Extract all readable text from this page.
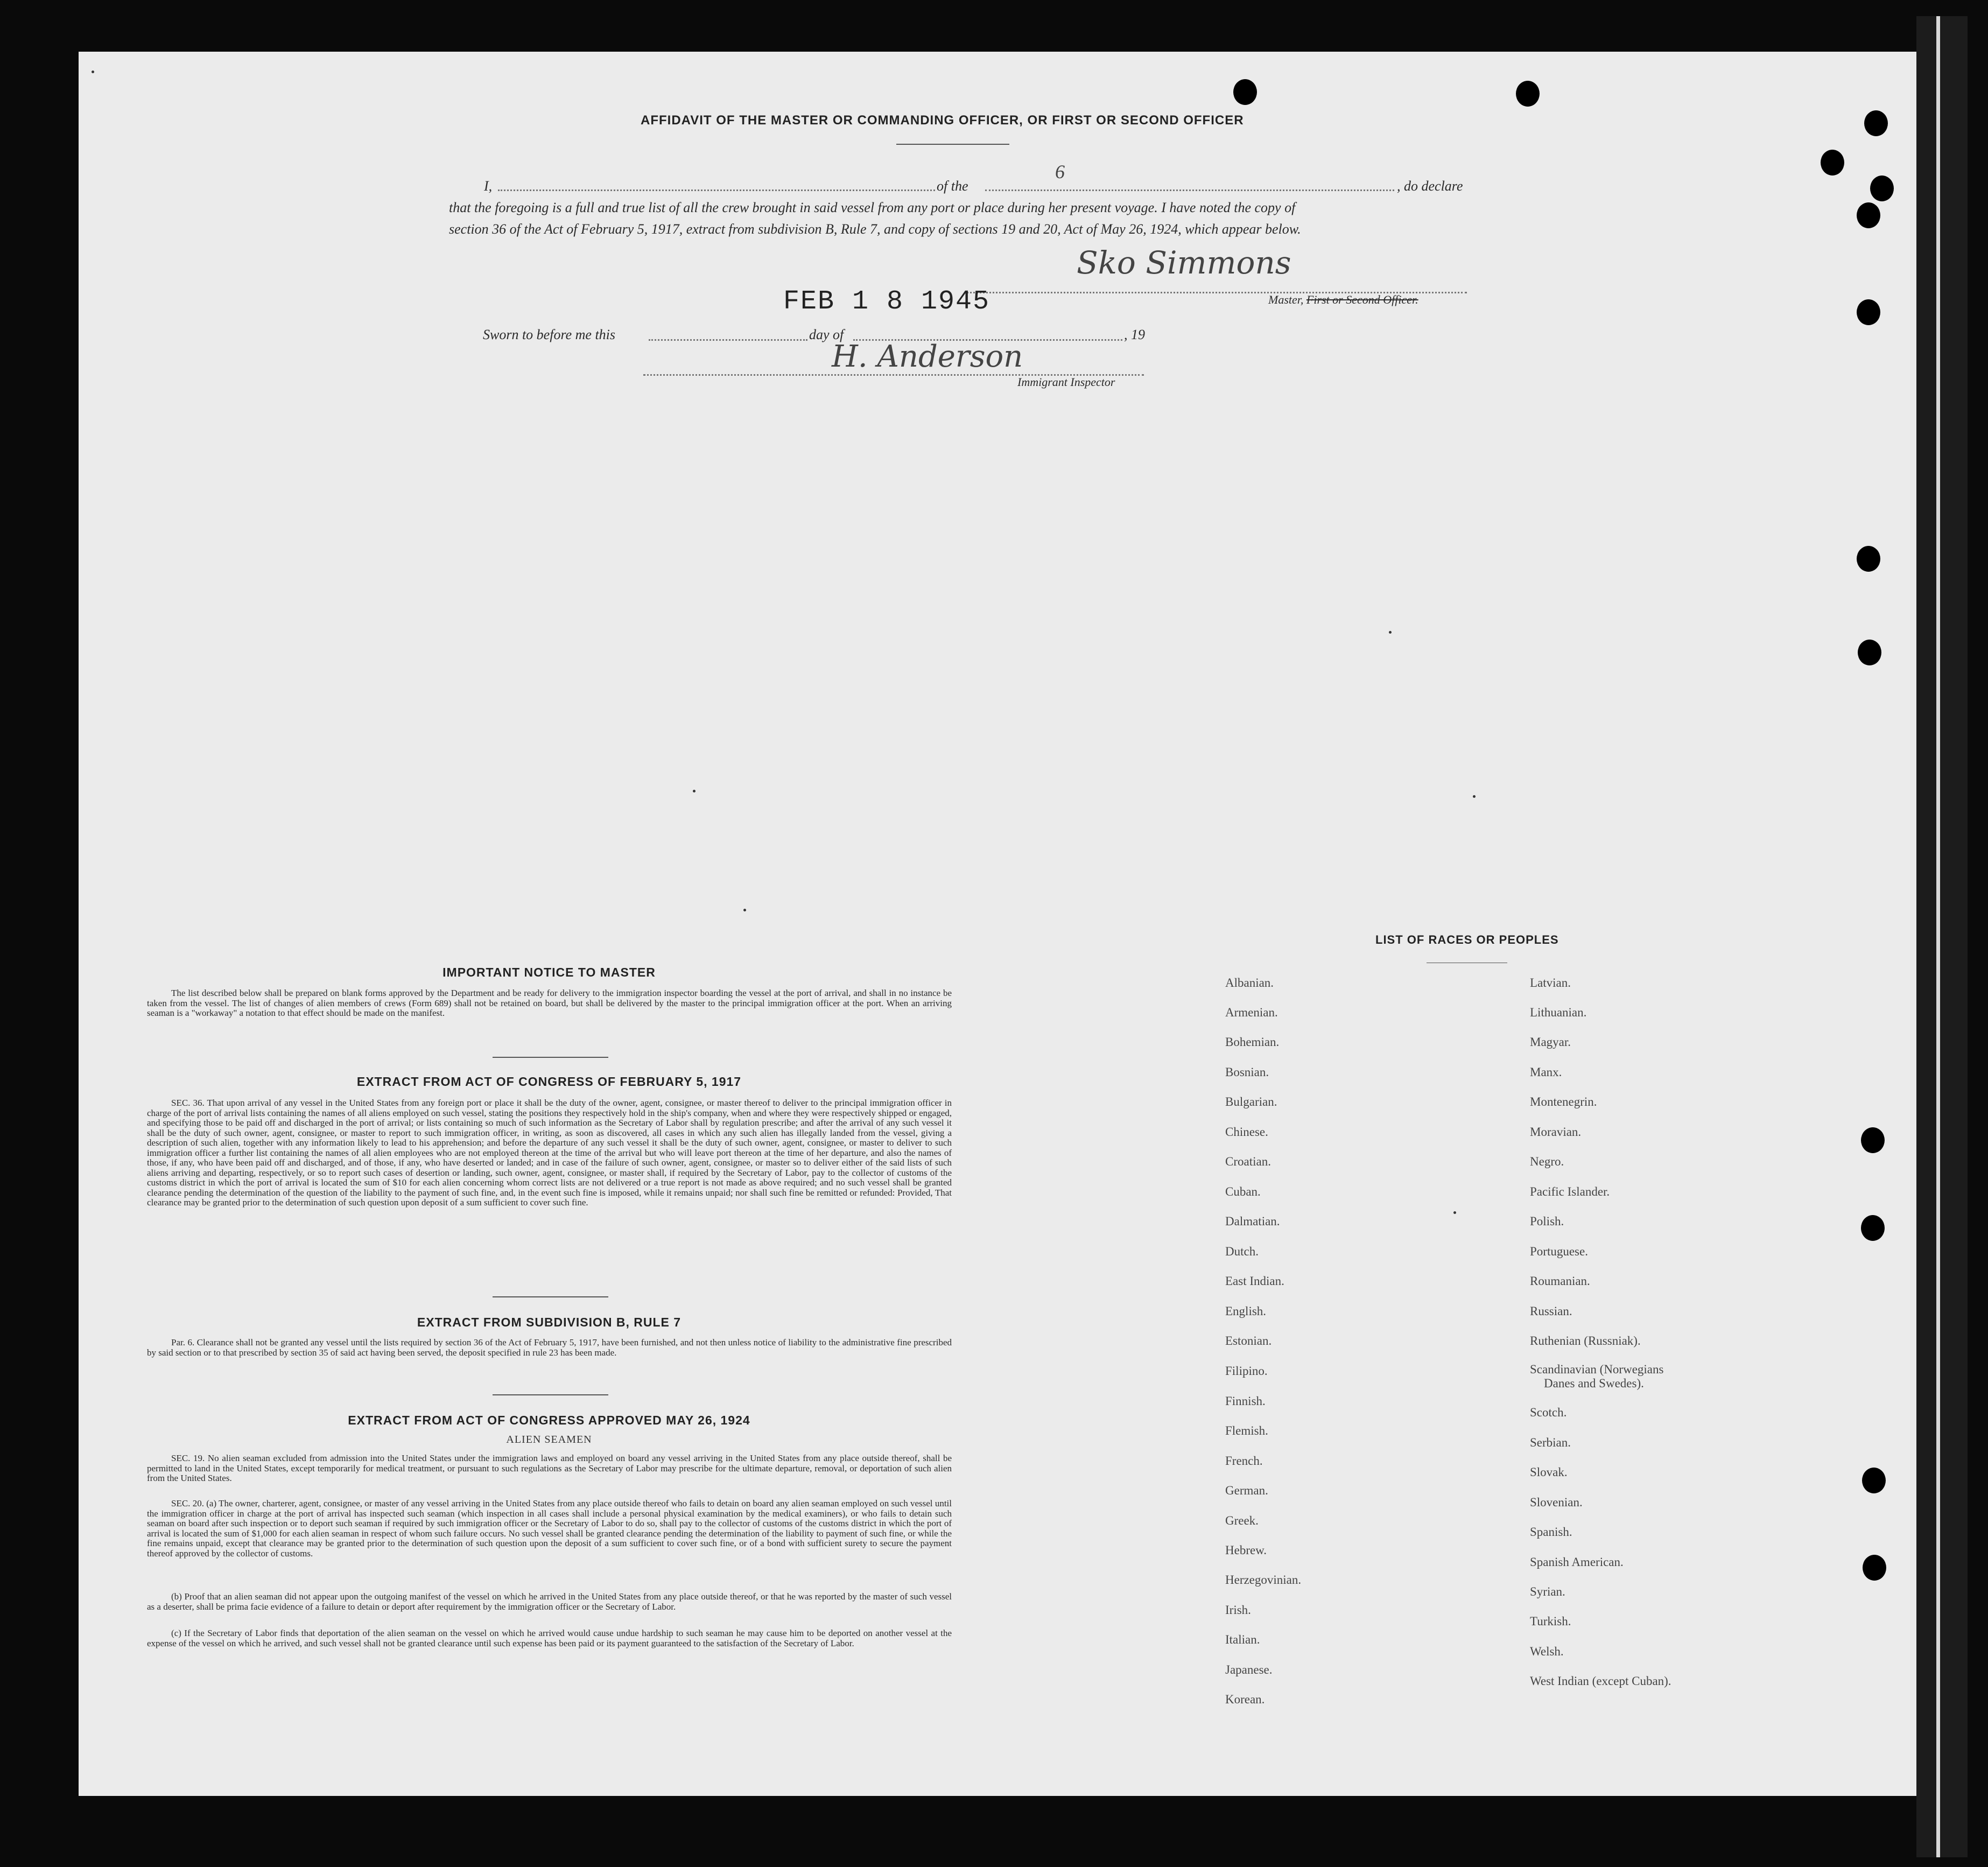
AFFIDAVIT OF THE MASTER OR COMMANDING OFFICER, OR FIRST OR SECOND OFFICER
I,	of the
6
, do declare
that the foregoing is a full and true list of all the crew brought in said vessel from any port or place during her present voyage. I have noted the copy of
section 36 of the Act of February 5, 1917, extract from subdivision B, Rule 7, and copy of sections 19 and 20, Act of May 26, 1924, which appear below.
Sko Simmons
Master, First or Second Officer.
FEB 1 8 1945
Sworn to before me this	day of	, 19
H. Anderson
Immigrant Inspector
IMPORTANT NOTICE TO MASTER
The list described below shall be prepared on blank forms approved by the Department and be ready for delivery to the immigration inspector boarding the vessel at the port of arrival, and shall in no instance be taken from the vessel. The list of changes of alien members of crews (Form 689) shall not be retained on board, but shall be delivered by the master to the principal immigration officer at the port. When an arriving seaman is a "workaway" a notation to that effect should be made on the manifest.
EXTRACT FROM ACT OF CONGRESS OF FEBRUARY 5, 1917
SEC. 36. That upon arrival of any vessel in the United States from any foreign port or place it shall be the duty of the owner, agent, consignee, or master thereof to deliver to the principal immigration officer in charge of the port of arrival lists containing the names of all aliens employed on such vessel, stating the positions they respectively hold in the ship's company, when and where they were respectively shipped or engaged, and specifying those to be paid off and discharged in the port of arrival; or lists containing so much of such information as the Secretary of Labor shall by regulation prescribe; and after the arrival of any such vessel it shall be the duty of such owner, agent, consignee, or master to report to such immigration officer, in writing, as soon as discovered, all cases in which any such alien has illegally landed from the vessel, giving a description of such alien, together with any information likely to lead to his apprehension; and before the departure of any such vessel it shall be the duty of such owner, agent, consignee, or master to deliver to such immigration officer a further list containing the names of all alien employees who are not employed thereon at the time of the arrival but who will leave port thereon at the time of her departure, and also the names of those, if any, who have been paid off and discharged, and of those, if any, who have deserted or landed; and in case of the failure of such owner, agent, consignee, or master so to deliver either of the said lists of such aliens arriving and departing, respectively, or so to report such cases of desertion or landing, such owner, agent, consignee, or master shall, if required by the Secretary of Labor, pay to the collector of customs of the customs district in which the port of arrival is located the sum of $10 for each alien concerning whom correct lists are not delivered or a true report is not made as above required; and no such vessel shall be granted clearance pending the determination of the question of the liability to the payment of such fine, and, in the event such fine is imposed, while it remains unpaid; nor shall such fine be remitted or refunded: Provided, That clearance may be granted prior to the determination of such question upon deposit of a sum sufficient to cover such fine.
EXTRACT FROM SUBDIVISION B, RULE 7
Par. 6. Clearance shall not be granted any vessel until the lists required by section 36 of the Act of February 5, 1917, have been furnished, and not then unless notice of liability to the administrative fine prescribed by said section or to that prescribed by section 35 of said act having been served, the deposit specified in rule 23 has been made.
EXTRACT FROM ACT OF CONGRESS APPROVED MAY 26, 1924
ALIEN SEAMEN
SEC. 19. No alien seaman excluded from admission into the United States under the immigration laws and employed on board any vessel arriving in the United States from any place outside thereof, shall be permitted to land in the United States, except temporarily for medical treatment, or pursuant to such regulations as the Secretary of Labor may prescribe for the ultimate departure, removal, or deportation of such alien from the United States.
SEC. 20. (a) The owner, charterer, agent, consignee, or master of any vessel arriving in the United States from any place outside thereof who fails to detain on board any alien seaman employed on such vessel until the immigration officer in charge at the port of arrival has inspected such seaman (which inspection in all cases shall include a personal physical examination by the medical examiners), or who fails to detain such seaman on board after such inspection or to deport such seaman if required by such immigration officer or the Secretary of Labor to do so, shall pay to the collector of customs of the customs district in which the port of arrival is located the sum of $1,000 for each alien seaman in respect of whom such failure occurs. No such vessel shall be granted clearance pending the determination of the liability to payment of such fine, or while the fine remains unpaid, except that clearance may be granted prior to the determination of such question upon the deposit of a sum sufficient to cover such fine, or of a bond with sufficient surety to secure the payment thereof approved by the collector of customs.
(b) Proof that an alien seaman did not appear upon the outgoing manifest of the vessel on which he arrived in the United States from any place outside thereof, or that he was reported by the master of such vessel as a deserter, shall be prima facie evidence of a failure to detain or deport after requirement by the immigration officer or the Secretary of Labor.
(c) If the Secretary of Labor finds that deportation of the alien seaman on the vessel on which he arrived would cause undue hardship to such seaman he may cause him to be deported on another vessel at the expense of the vessel on which he arrived, and such vessel shall not be granted clearance until such expense has been paid or its payment guaranteed to the satisfaction of the Secretary of Labor.
LIST OF RACES OR PEOPLES
Albanian.
Armenian.
Bohemian.
Bosnian.
Bulgarian.
Chinese.
Croatian.
Cuban.
Dalmatian.
Dutch.
East Indian.
English.
Estonian.
Filipino.
Finnish.
Flemish.
French.
German.
Greek.
Hebrew.
Herzegovinian.
Irish.
Italian.
Japanese.
Korean.
Latvian.
Lithuanian.
Magyar.
Manx.
Montenegrin.
Moravian.
Negro.
Pacific Islander.
Polish.
Portuguese.
Roumanian.
Russian.
Ruthenian (Russniak).
Scandinavian (Norwegians
Danes and Swedes).
Scotch.
Serbian.
Slovak.
Slovenian.
Spanish.
Spanish American.
Syrian.
Turkish.
Welsh.
West Indian (except Cuban).
